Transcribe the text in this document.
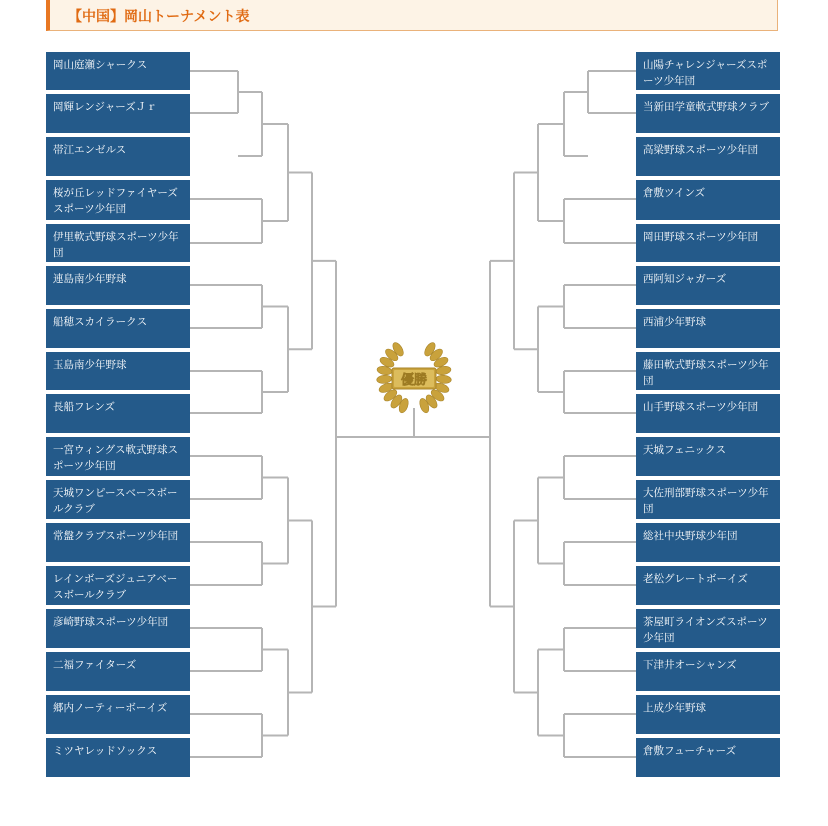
【中国】岡山トーナメント表
岡山庭瀬シャークス
岡輝レンジャーズＪｒ
帯江エンゼルス
桜が丘レッドファイヤーズスポーツ少年団
伊里軟式野球スポーツ少年団
連島南少年野球
船穂スカイラークス
玉島南少年野球
長船フレンズ
一宮ウィングス軟式野球スポーツ少年団
天城ワンピースベースボールクラブ
常盤クラブスポーツ少年団
レインボーズジュニアベースボールクラブ
彦崎野球スポーツ少年団
二福ファイターズ
郷内ノーティーボーイズ
ミツヤレッドソックス
山陽チャレンジャーズスポーツ少年団
当新田学童軟式野球クラブ
高梁野球スポーツ少年団
倉敷ツインズ
岡田野球スポーツ少年団
西阿知ジャガーズ
西浦少年野球
藤田軟式野球スポーツ少年団
山手野球スポーツ少年団
天城フェニックス
大佐刑部野球スポーツ少年団
総社中央野球少年団
老松グレートボーイズ
茶屋町ライオンズスポーツ少年団
下津井オーシャンズ
上成少年野球
倉敷フューチャーズ
優勝
